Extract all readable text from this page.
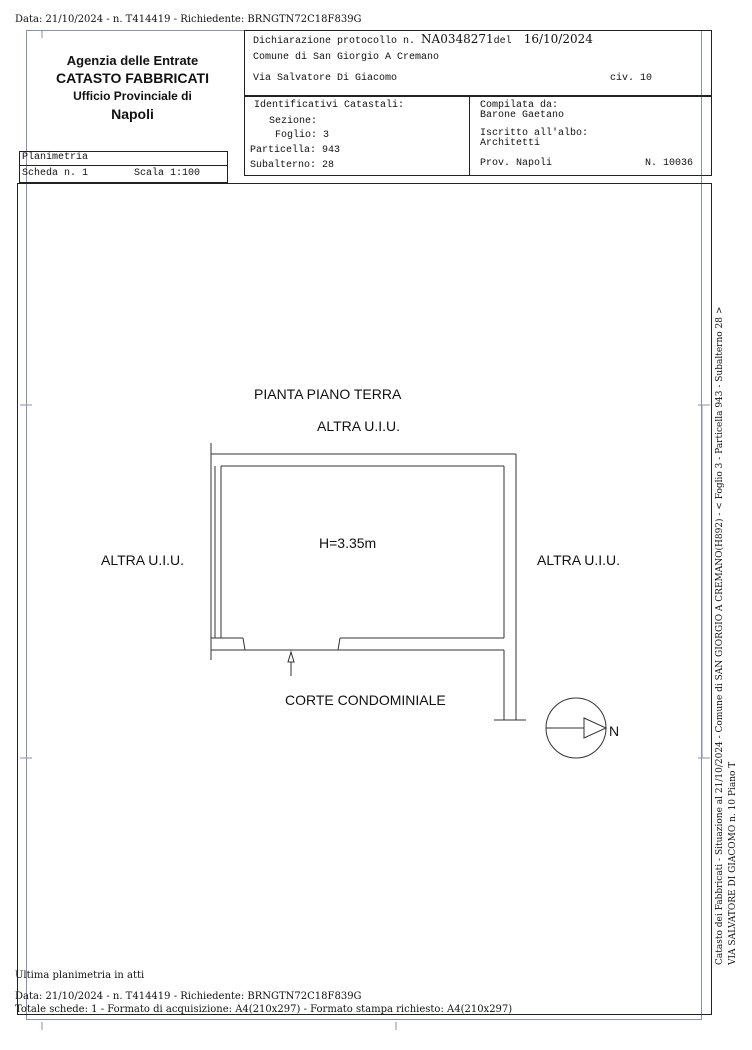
Data: 21/10/2024 - n. T414419 - Richiedente: BRNGTN72C18F839G
Agenzia delle Entrate
CATASTO FABBRICATI
Ufficio Provinciale di
Napoli
Dichiarazione protocollo n. NA0348271del 16/10/2024
Comune di San Giorgio A Cremano
Via Salvatore Di Giacomo	civ. 10
Identificativi Catastali:
Sezione:
Foglio: 3
Particella: 943
Subalterno: 28
Compilata da:
Barone Gaetano
Iscritto all'albo:
Architetti
Prov. Napoli	N. 10036
Planimetria
Scheda n. 1	Scala 1:100
PIANTA PIANO TERRA
ALTRA U.I.U.
ALTRA U.I.U.	ALTRA U.I.U.
H=3.35m
CORTE CONDOMINIALE
N	Catasto dei Fabbricati - Situazione al 21/10/2024 - Comune di SAN GIORGIO A CREMANO(H892) - < Foglio 3 - Particella 943 - Subalterno 28 > VIA SALVATORE DI GIACOMO n. 10 Piano T
Ultima planimetria in atti
Data: 21/10/2024 - n. T414419 - Richiedente: BRNGTN72C18F839G
Totale schede: 1 - Formato di acquisizione: A4(210x297) - Formato stampa richiesto: A4(210x297)
